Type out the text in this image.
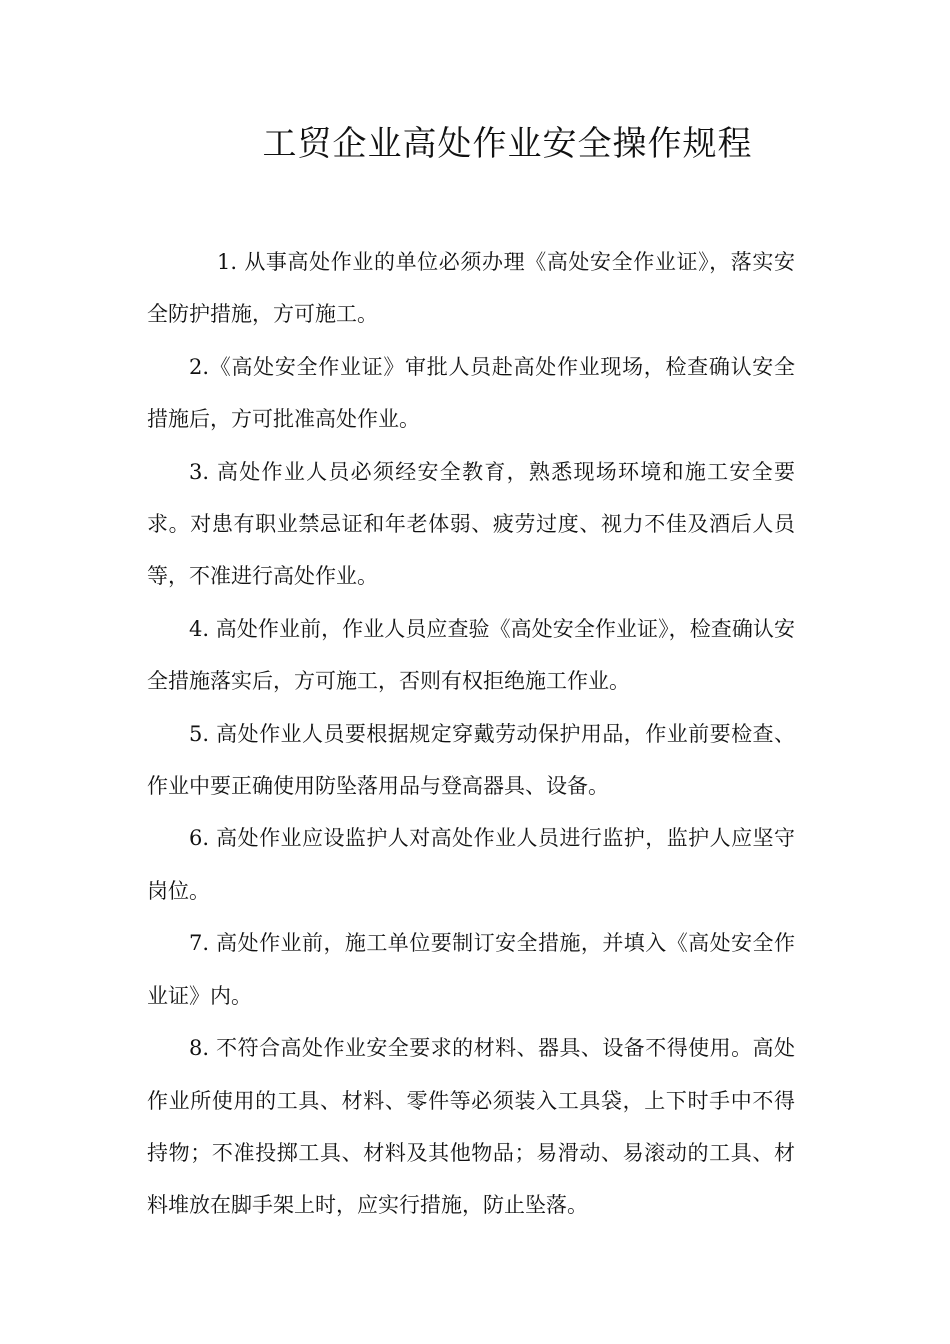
工贸企业高处作业安全操作规程

1. 从事高处作业的单位必须办理《高处安全作业证》，落实安全防护措施，方可施工。

2.《高处安全作业证》审批人员赴高处作业现场，检查确认安全措施后，方可批准高处作业。

3. 高处作业人员必须经安全教育，熟悉现场环境和施工安全要求。对患有职业禁忌证和年老体弱、疲劳过度、视力不佳及酒后人员等，不准进行高处作业。

4. 高处作业前，作业人员应查验《高处安全作业证》，检查确认安全措施落实后，方可施工，否则有权拒绝施工作业。

5. 高处作业人员要根据规定穿戴劳动保护用品，作业前要检查、作业中要正确使用防坠落用品与登高器具、设备。

6. 高处作业应设监护人对高处作业人员进行监护，监护人应坚守岗位。

7. 高处作业前，施工单位要制订安全措施，并填入《高处安全作业证》内。

8. 不符合高处作业安全要求的材料、器具、设备不得使用。高处作业所使用的工具、材料、零件等必须装入工具袋，上下时手中不得持物；不准投掷工具、材料及其他物品；易滑动、易滚动的工具、材料堆放在脚手架上时，应实行措施，防止坠落。
